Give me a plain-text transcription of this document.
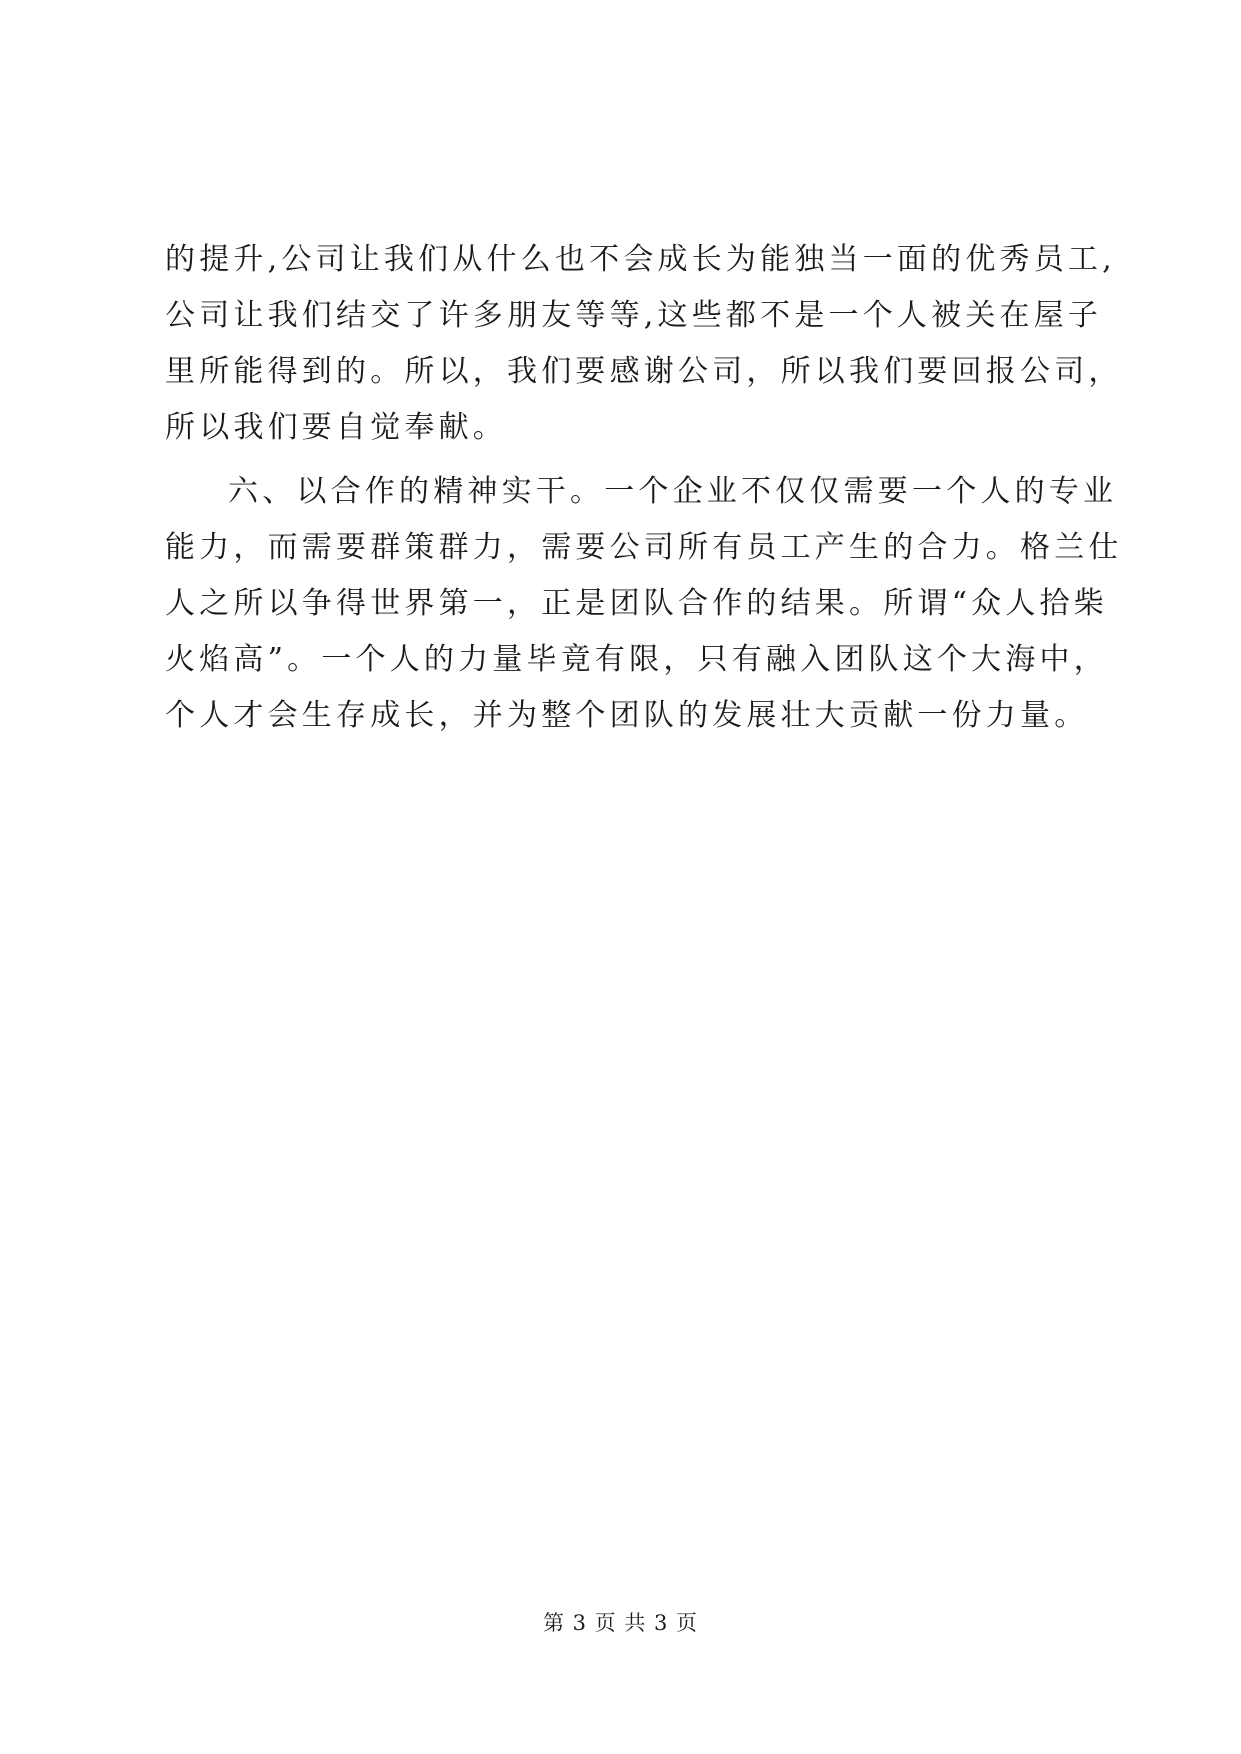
的提升,公司让我们从什么也不会成长为能独当一面的优秀员工,
公司让我们结交了许多朋友等等,这些都不是一个人被关在屋子
里所能得到的。所以，我们要感谢公司，所以我们要回报公司，
所以我们要自觉奉献。
六、以合作的精神实干。一个企业不仅仅需要一个人的专业
能力，而需要群策群力，需要公司所有员工产生的合力。格兰仕
人之所以争得世界第一，正是团队合作的结果。所谓“众人拾柴
火焰高”。一个人的力量毕竟有限，只有融入团队这个大海中，
个人才会生存成长，并为整个团队的发展壮大贡献一份力量。
第 3 页 共 3 页
